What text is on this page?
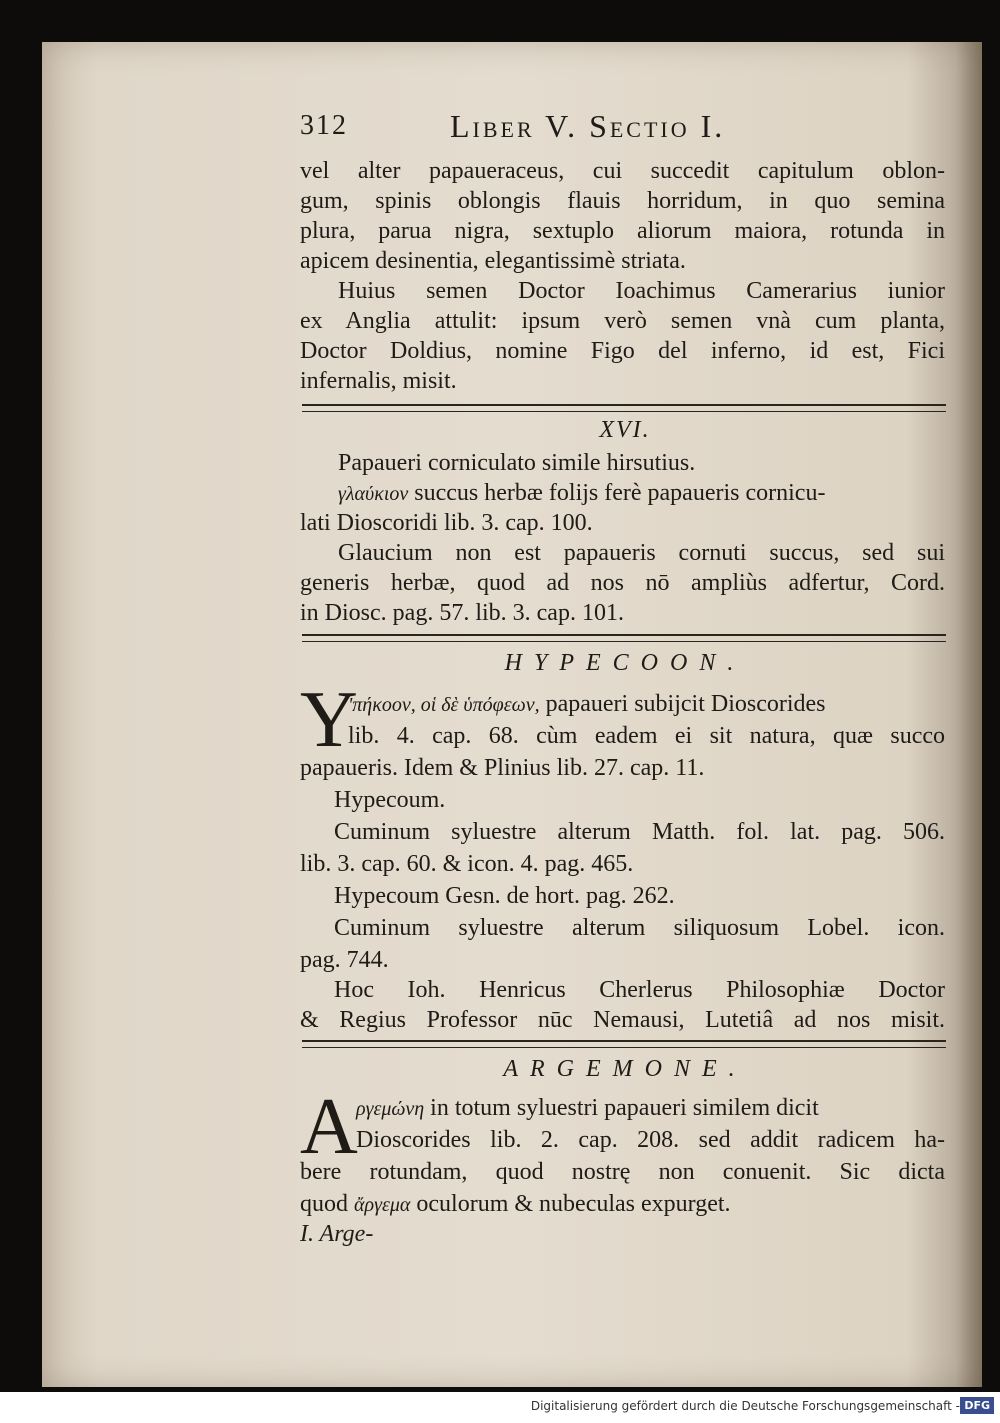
312	Liber V. Sectio I.
vel alter papaueraceus, cui succedit capitulum oblon-
gum, spinis oblongis flauis horridum, in quo semina
plura, parua nigra, sextuplo aliorum maiora, rotunda in
apicem desinentia, elegantissimè striata.
Huius semen Doctor Ioachimus Camerarius iunior
ex Anglia attulit: ipsum verò semen vnà cum planta,
Doctor Doldius, nomine Figo del inferno, id est, Fici
infernalis, misit.
XVI.
Papaueri corniculato simile hirsutius.
γλαύκιον succus herbæ folijs ferè papaueris cornicu-
lati Dioscoridi lib. 3. cap. 100.
Glaucium non est papaueris cornuti succus, sed sui
generis herbæ, quod ad nos nō ampliùs adfertur, Cord.
in Diosc. pag. 57. lib. 3. cap. 101.
HYPECOON.
Y
'πήκοον, οἱ δὲ ὑπόφεων, papaueri subijcit Dioscorides
lib. 4. cap. 68. cùm eadem ei sit natura, quæ succo
papaueris. Idem & Plinius lib. 27. cap. 11.
Hypecoum.
Cuminum syluestre alterum Matth. fol. lat. pag. 506.
lib. 3. cap. 60. & icon. 4. pag. 465.
Hypecoum Gesn. de hort. pag. 262.
Cuminum syluestre alterum siliquosum Lobel. icon.
pag. 744.
Hoc Ioh. Henricus Cherlerus Philosophiæ Doctor
& Regius Professor nūc Nemausi, Lutetiâ ad nos misit.
ARGEMONE.
A
ργεμώνη in totum syluestri papaueri similem dicit
Dioscorides lib. 2. cap. 208. sed addit radicem ha-
bere rotundam, quod nostrę non conuenit. Sic dicta
quod ἄργεμα oculorum & nubeculas expurget.
I. Arge-
Digitalisierung gefördert durch die Deutsche Forschungsgemeinschaft - DFG
